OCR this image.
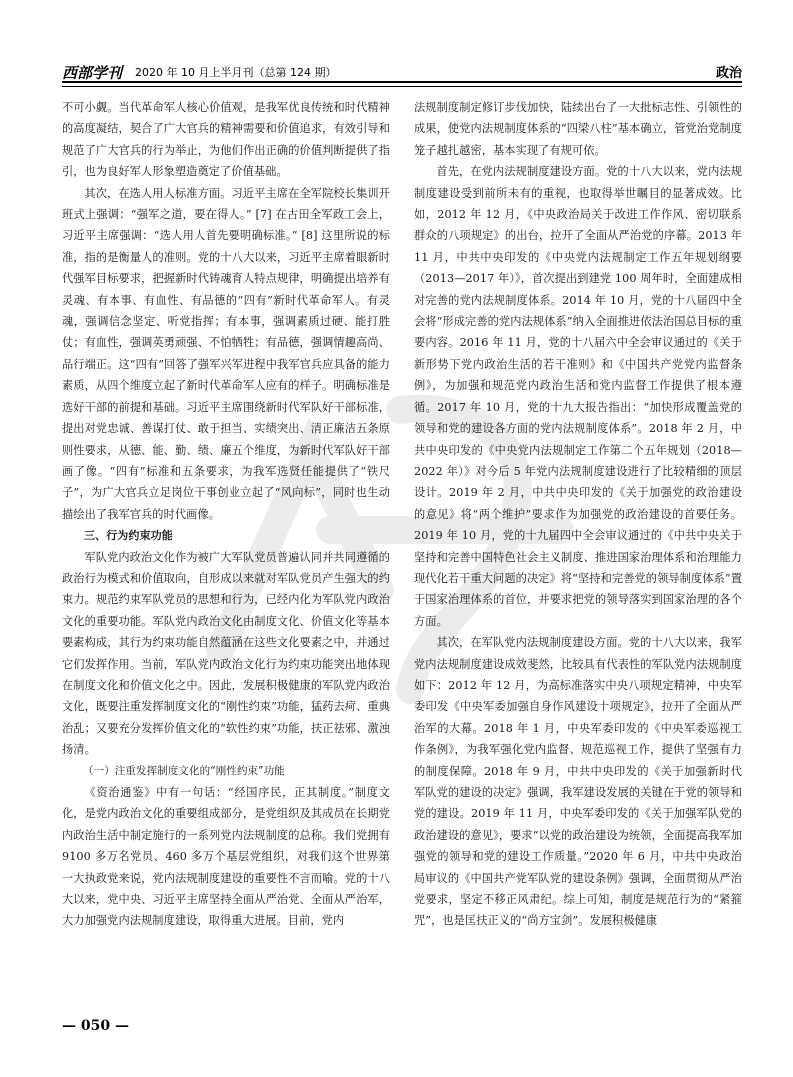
西部学刊 2020 年 10 月上半月刊（总第 124 期）	政治

不可小觑。当代革命军人核心价值观，是我军优良传统和时代精神的高度凝结，契合了广大官兵的精神需要和价值追求，有效引导和规范了广大官兵的行为举止，为他们作出正确的价值判断提供了指引，也为良好军人形象塑造奠定了价值基础。

其次，在选人用人标准方面。习近平主席在全军院校长集训开班式上强调：“强军之道，要在得人。” [7] 在古田全军政工会上，习近平主席强调：“选人用人首先要明确标准。” [8] 这里所说的标准，指的是衡量人的准则。党的十八大以来，习近平主席着眼新时代强军目标要求，把握新时代铸魂育人特点规律，明确提出培养有灵魂、有本事、有血性、有品德的“四有”新时代革命军人。有灵魂，强调信念坚定、听党指挥；有本事，强调素质过硬、能打胜仗；有血性，强调英勇顽强、不怕牺牲；有品德，强调情趣高尚、品行端正。这“四有”回答了强军兴军进程中我军官兵应具备的能力素质，从四个维度立起了新时代革命军人应有的样子。明确标准是选好干部的前提和基础。习近平主席围绕新时代军队好干部标准，提出对党忠诚、善谋打仗、敢于担当、实绩突出、清正廉洁五条原则性要求，从德、能、勤、绩、廉五个维度，为新时代军队好干部画了像。“四有”标准和五条要求，为我军选贤任能提供了“铁尺子”，为广大官兵立足岗位干事创业立起了“风向标”，同时也生动描绘出了我军官兵的时代画像。

三、行为约束功能

军队党内政治文化作为被广大军队党员普遍认同并共同遵循的政治行为模式和价值取向，自形成以来就对军队党员产生强大的约束力。规范约束军队党员的思想和行为，已经内化为军队党内政治文化的重要功能。军队党内政治文化由制度文化、价值文化等基本要素构成，其行为约束功能自然蕴涵在这些文化要素之中，并通过它们发挥作用。当前，军队党内政治文化行为约束功能突出地体现在制度文化和价值文化之中。因此，发展积极健康的军队党内政治文化，既要注重发挥制度文化的“刚性约束”功能，猛药去疴、重典治乱；又要充分发挥价值文化的“软性约束”功能，扶正祛邪、激浊扬清。

（一）注重发挥制度文化的“刚性约束”功能

《资治通鉴》中有一句话：“经国序民，正其制度。”制度文化，是党内政治文化的重要组成部分，是党组织及其成员在长期党内政治生活中制定施行的一系列党内法规制度的总称。我们党拥有 9100 多万名党员、460 多万个基层党组织，对我们这个世界第一大执政党来说，党内法规制度建设的重要性不言而喻。党的十八大以来，党中央、习近平主席坚持全面从严治党、全面从严治军，大力加强党内法规制度建设，取得重大进展。目前，党内

法规制度制定修订步伐加快，陆续出台了一大批标志性、引领性的成果，使党内法规制度体系的“四梁八柱”基本确立，管党治党制度笼子越扎越密，基本实现了有规可依。

首先，在党内法规制度建设方面。党的十八大以来，党内法规制度建设受到前所未有的重视，也取得举世瞩目的显著成效。比如，2012 年 12 月，《中央政治局关于改进工作作风、密切联系群众的八项规定》的出台，拉开了全面从严治党的序幕。2013 年 11 月，中共中央印发的《中央党内法规制定工作五年规划纲要（2013—2017 年）》，首次提出到建党 100 周年时，全面建成相对完善的党内法规制度体系。2014 年 10 月，党的十八届四中全会将“形成完善的党内法规体系”纳入全面推进依法治国总目标的重要内容。2016 年 11 月，党的十八届六中全会审议通过的《关于新形势下党内政治生活的若干准则》和《中国共产党党内监督条例》，为加强和规范党内政治生活和党内监督工作提供了根本遵循。2017 年 10 月，党的十九大报告指出：“加快形成覆盖党的领导和党的建设各方面的党内法规制度体系”。2018 年 2 月，中共中央印发的《中央党内法规制定工作第二个五年规划（2018—2022 年）》对今后 5 年党内法规制度建设进行了比较精细的顶层设计。2019 年 2 月，中共中央印发的《关于加强党的政治建设的意见》将“两个维护”要求作为加强党的政治建设的首要任务。2019 年 10 月，党的十九届四中全会审议通过的《中共中央关于坚持和完善中国特色社会主义制度、推进国家治理体系和治理能力现代化若干重大问题的决定》将“坚持和完善党的领导制度体系”置于国家治理体系的首位，并要求把党的领导落实到国家治理的各个方面。

其次，在军队党内法规制度建设方面。党的十八大以来，我军党内法规制度建设成效斐然，比较具有代表性的军队党内法规制度如下：2012 年 12 月，为高标准落实中央八项规定精神，中央军委印发《中央军委加强自身作风建设十项规定》，拉开了全面从严治军的大幕。2018 年 1 月，中央军委印发的《中央军委巡视工作条例》，为我军强化党内监督、规范巡视工作，提供了坚强有力的制度保障。2018 年 9 月，中共中央印发的《关于加强新时代军队党的建设的决定》强调，我军建设发展的关键在于党的领导和党的建设。2019 年 11 月，中央军委印发的《关于加强军队党的政治建设的意见》，要求“以党的政治建设为统领，全面提高我军加强党的领导和党的建设工作质量。”2020 年 6 月，中共中央政治局审议的《中国共产党军队党的建设条例》强调，全面贯彻从严治党要求，坚定不移正风肃纪。综上可知，制度是规范行为的“紧箍咒”，也是匡扶正义的“尚方宝剑”。发展积极健康

— 050 —
